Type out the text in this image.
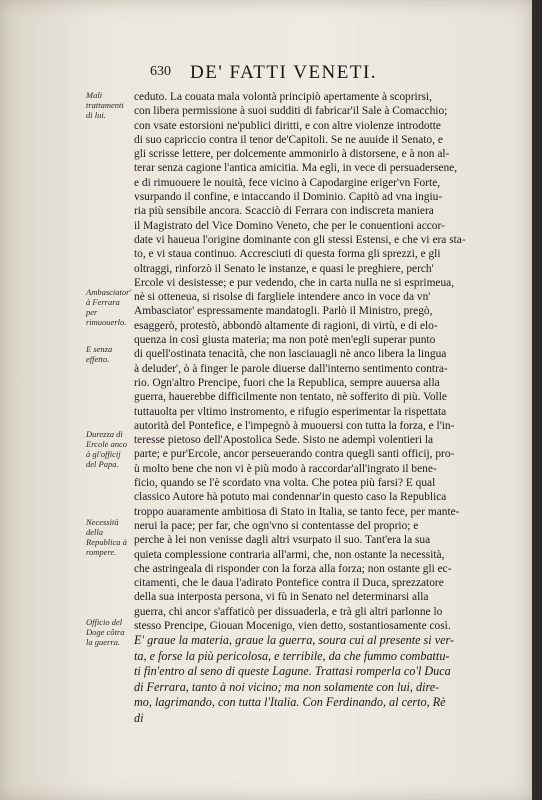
630 DE' FATTI VENETI.
Mali trattamenti di lui.
Ambasciator' à Ferrara per rimuouerlo.
E senza effetto.
Durezza di Ercole anco à gl'officij del Papa.
Necessità della Republica à rompere.
Officio del Doge côtra la guerra.
ceduto. La couata mala volontà principiò apertamente à scoprirsi,
con libera permissione à suoi sudditi di fabricar'il Sale à Comacchio;
con vsate estorsioni ne'publici diritti, e con altre violenze introdotte
di suo capriccio contra il tenor de'Capitoli. Se ne auuide il Senato, e
gli scrisse lettere, per dolcemente ammonirlo à distorsene, e à non al-
terar senza cagione l'antica amicitia. Ma egli, in vece di persuadersene,
e di rimuouere le nouità, fece vicino à Capodargine eriger'vn Forte,
vsurpando il confine, e intaccando il Dominio. Capitò ad vna ingiu-
ria più sensibile ancora. Scacciò di Ferrara con indiscreta maniera
il Magistrato del Vice Domino Veneto, che per le conuentioni accor-
date vi haueua l'origine dominante con gli stessi Estensi, e che vi era sta-
to, e vi staua continuo. Accresciuti di questa forma gli sprezzi, e gli
oltraggi, rinforzò il Senato le instanze, e quasi le preghiere, perch'
Ercole vi desistesse; e pur vedendo, che in carta nulla ne si esprimeua,
nè si otteneua, si risolse di fargliele intendere anco in voce da vn'
Ambasciator' espressamente mandatogli. Parlò il Ministro, pregò,
esaggerò, protestò, abbondò altamente di ragioni, di virtù, e di elo-
quenza in così giusta materia; ma non potè men'egli superar punto
di quell'ostinata tenacità, che non lasciauagli nè anco libera la lingua
à deluder', ò à finger le parole diuerse dall'interno sentimento contra-
rio. Ogn'altro Prencipe, fuori che la Republica, sempre auuersa alla
guerra, hauerebbe difficilmente non tentato, nè sofferito di più. Volle
tuttauolta per vltimo instromento, e rifugio esperimentar la rispettata
autorità del Pontefice, e l'impegnò à muouersi con tutta la forza, e l'in-
teresse pietoso dell'Apostolica Sede. Sisto ne adempì volentieri la
parte; e pur'Ercole, ancor perseuerando contra quegli santi officij, pro-
ù molto bene che non vi è più modo à raccordar'all'ingrato il bene-
ficio, quando se l'è scordato vna volta. Che potea più farsi? E qual
classico Autore hà potuto mai condennar'in questo caso la Republica
troppo auaramente ambitiosa di Stato in Italia, se tanto fece, per mante-
nerui la pace; per far, che ogn'vno si contentasse del proprio; e
perche à lei non venisse dagli altri vsurpato il suo. Tant'era la sua
quieta complessione contraria all'armi, che, non ostante la necessità,
che astringeala di risponder con la forza alla forza; non ostante gli ec-
citamenti, che le daua l'adirato Pontefice contra il Duca, sprezzatore
della sua interposta persona, vi fù in Senato nel determinarsi alla
guerra, chi ancor s'affaticò per dissuaderla, e trà gli altri parlonne lo
stesso Prencipe, Giouan Mocenigo, vien detto, sostantiosamente così.
E' graue la materia, graue la guerra, soura cui al presente si ver-
ta, e forse la più pericolosa, e terribile, da che fummo combattu-
ti fin'entro al seno di queste Lagune. Trattasi romperla co'l Duca
di Ferrara, tanto à noi vicino; ma non solamente con lui, dire-
mo, lagrimando, con tutta l'Italia. Con Ferdinando, al certo, Rè
di
